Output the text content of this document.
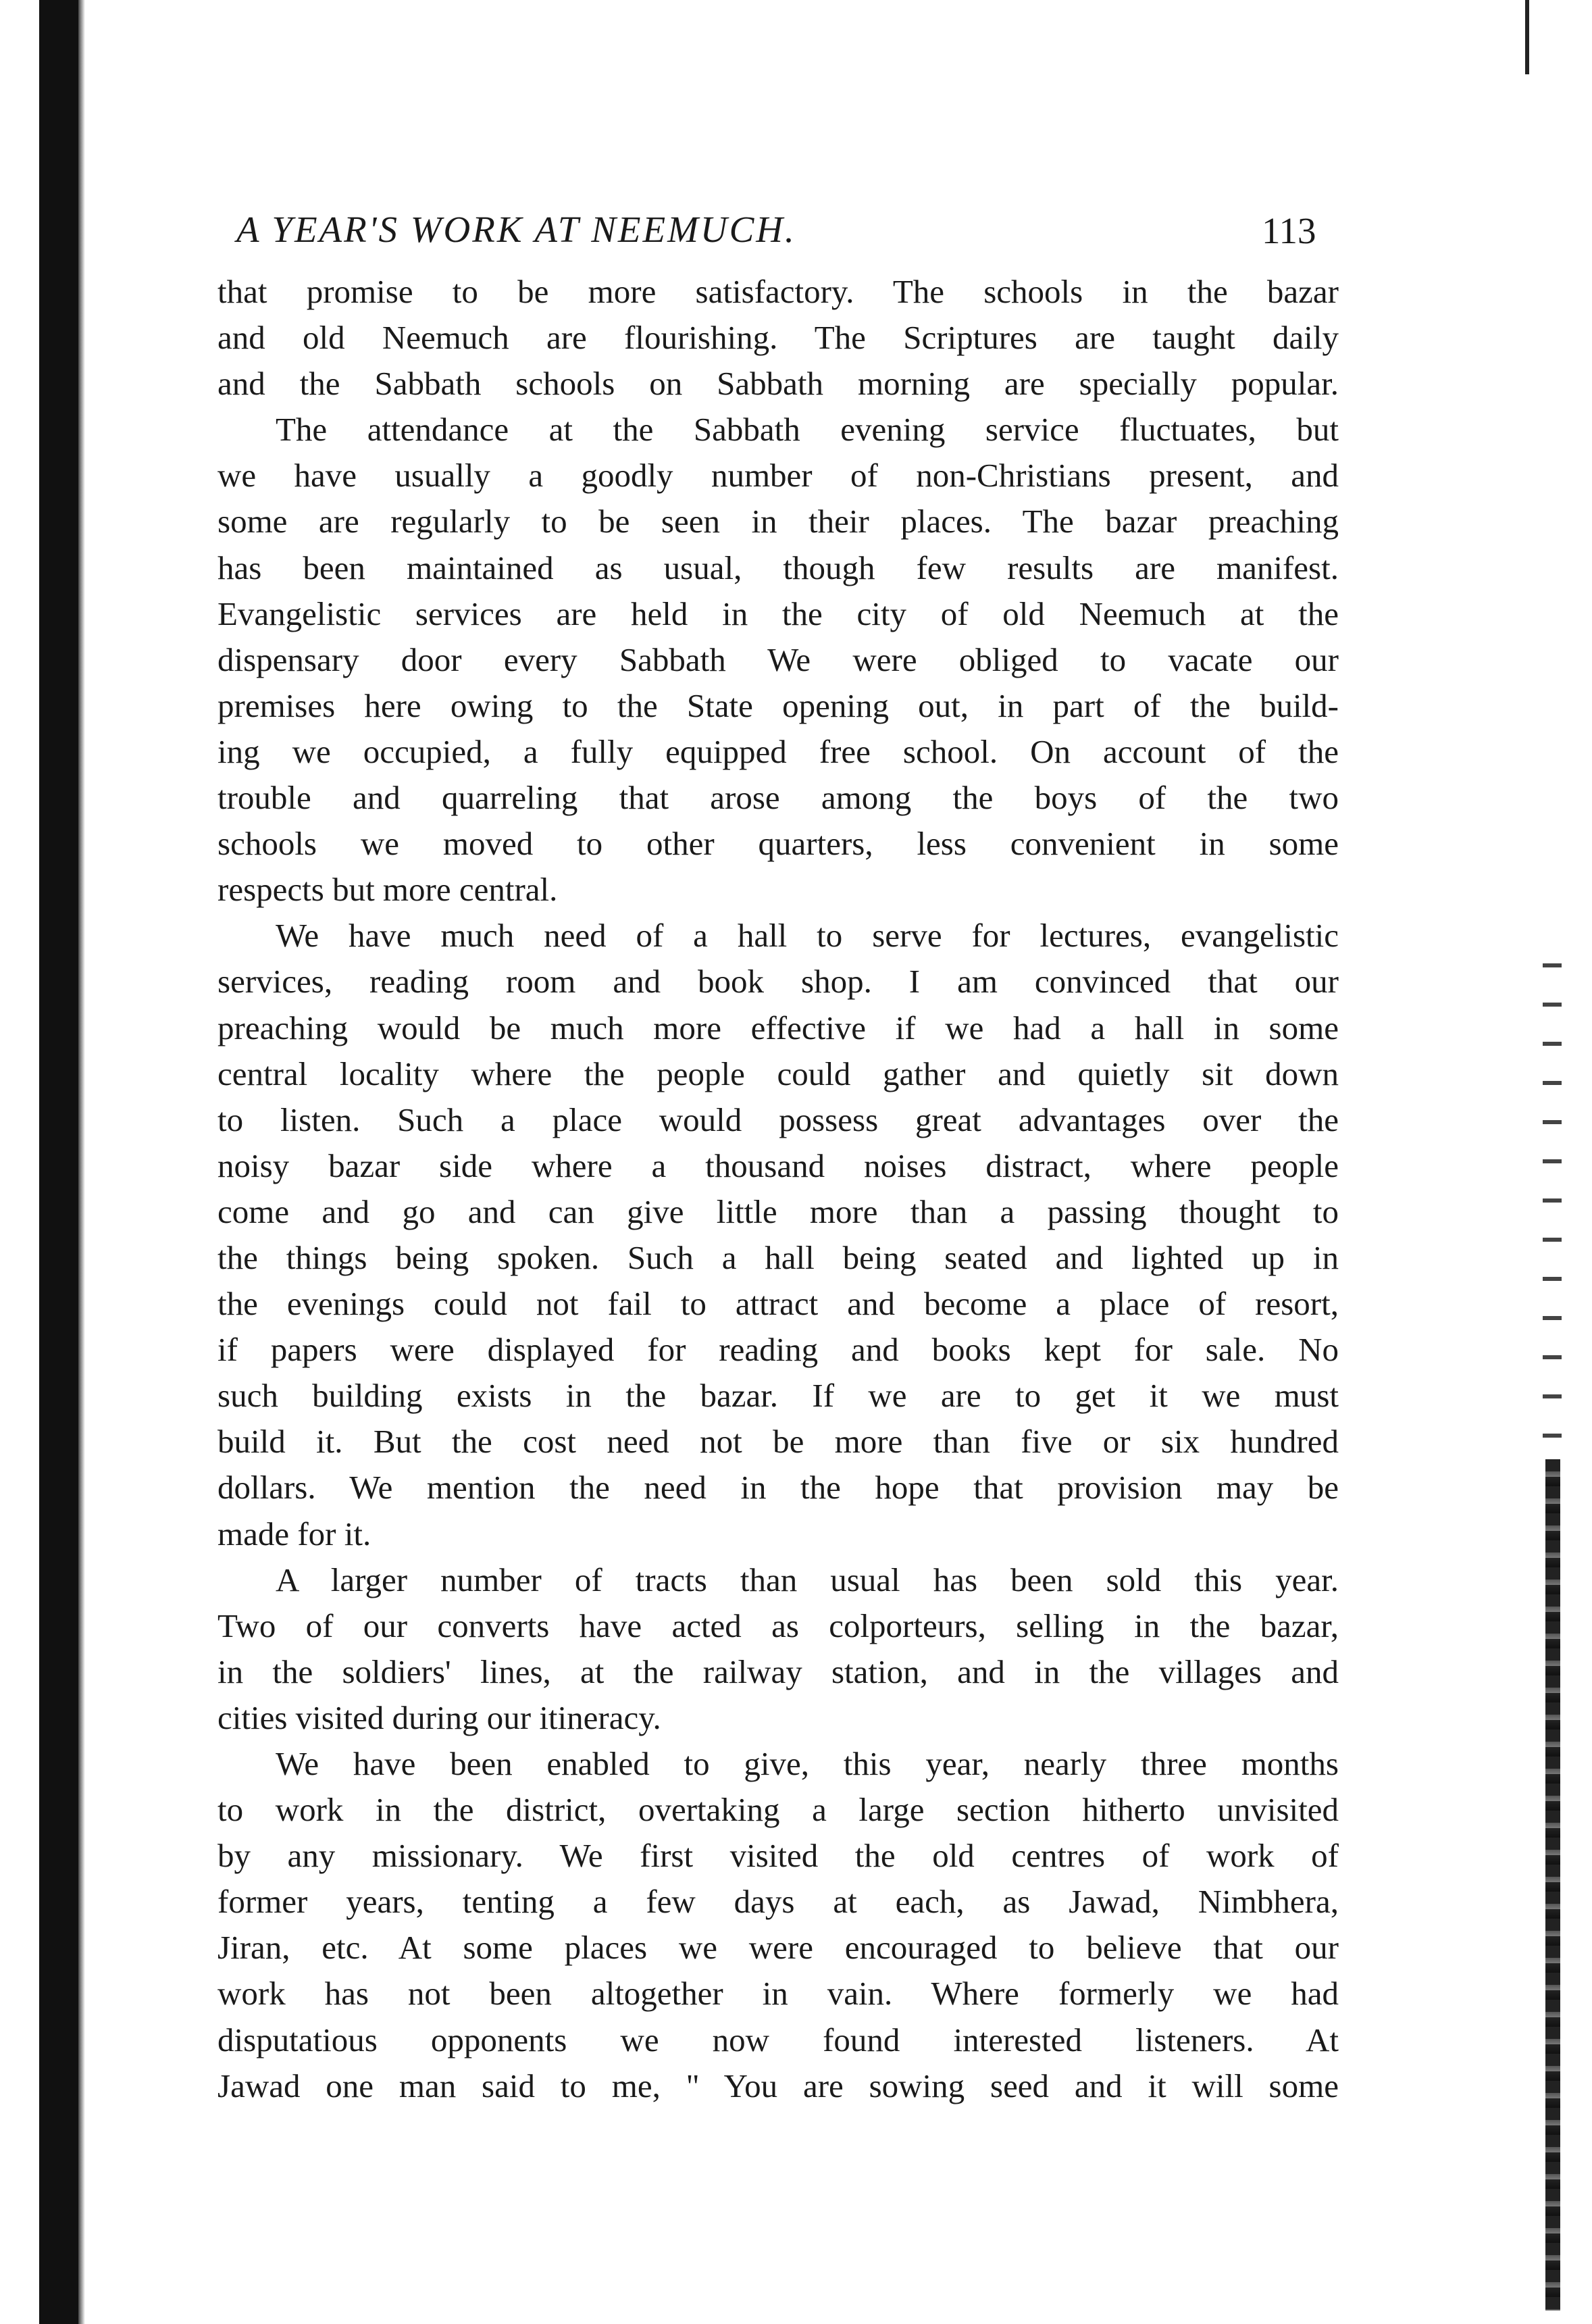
A YEAR'S WORK AT NEEMUCH.	113
that promise to be more satisfactory. The schools in the bazar
and old Neemuch are flourishing. The Scriptures are taught daily
and the Sabbath schools on Sabbath morning are specially popular.
The attendance at the Sabbath evening service fluctuates, but
we have usually a goodly number of non-Christians present, and
some are regularly to be seen in their places. The bazar preaching
has been maintained as usual, though few results are manifest.
Evangelistic services are held in the city of old Neemuch at the
dispensary door every Sabbath We were obliged to vacate our
premises here owing to the State opening out, in part of the build-
ing we occupied, a fully equipped free school. On account of the
trouble and quarreling that arose among the boys of the two
schools we moved to other quarters, less convenient in some
respects but more central.
We have much need of a hall to serve for lectures, evangelistic
services, reading room and book shop. I am convinced that our
preaching would be much more effective if we had a hall in some
central locality where the people could gather and quietly sit down
to listen. Such a place would possess great advantages over the
noisy bazar side where a thousand noises distract, where people
come and go and can give little more than a passing thought to
the things being spoken. Such a hall being seated and lighted up in
the evenings could not fail to attract and become a place of resort,
if papers were displayed for reading and books kept for sale. No
such building exists in the bazar. If we are to get it we must
build it. But the cost need not be more than five or six hundred
dollars. We mention the need in the hope that provision may be
made for it.
A larger number of tracts than usual has been sold this year.
Two of our converts have acted as colporteurs, selling in the bazar,
in the soldiers' lines, at the railway station, and in the villages and
cities visited during our itineracy.
We have been enabled to give, this year, nearly three months
to work in the district, overtaking a large section hitherto unvisited
by any missionary. We first visited the old centres of work of
former years, tenting a few days at each, as Jawad, Nimbhera,
Jiran, etc. At some places we were encouraged to believe that our
work has not been altogether in vain. Where formerly we had
disputatious opponents we now found interested listeners. At
Jawad one man said to me, " You are sowing seed and it will some
